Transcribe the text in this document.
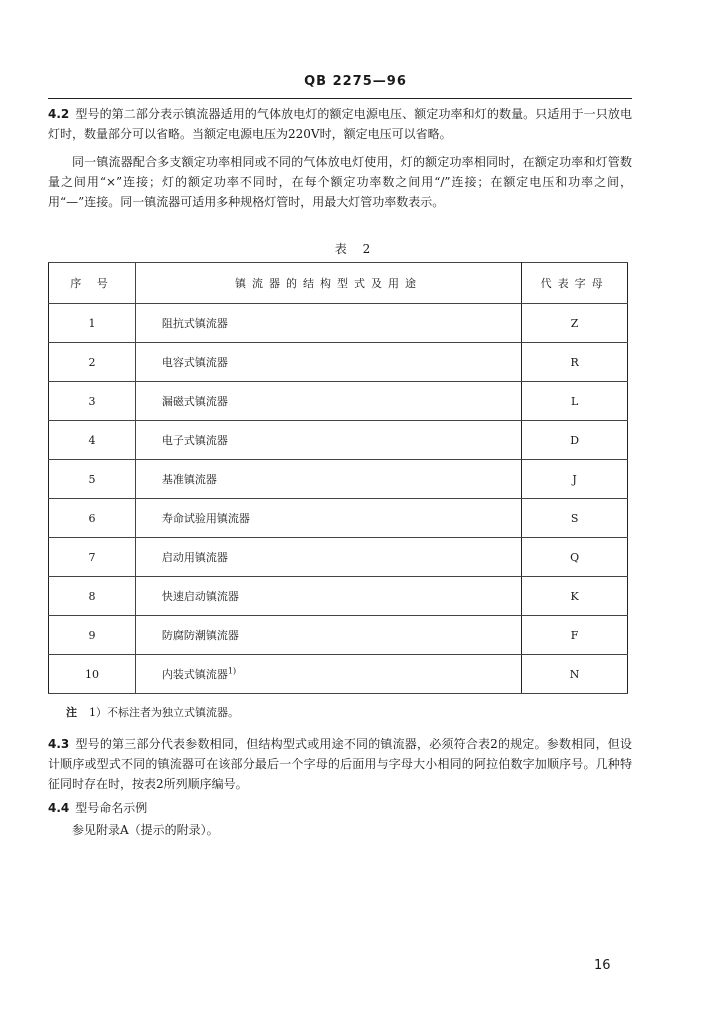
QB 2275—96

4.2 型号的第二部分表示镇流器适用的气体放电灯的额定电源电压、额定功率和灯的数量。只适用于一只放电灯时，数量部分可以省略。当额定电源电压为220V时，额定电压可以省略。

同一镇流器配合多支额定功率相同或不同的气体放电灯使用，灯的额定功率相同时，在额定功率和灯管数量之间用“×”连接；灯的额定功率不同时，在每个额定功率数之间用“/”连接；在额定电压和功率之间，用“—”连接。同一镇流器可适用多种规格灯管时，用最大灯管功率数表示。

表 2
序 号	镇流器的结构型式及用途	代表字母
1	阻抗式镇流器	Z
2	电容式镇流器	R
3	漏磁式镇流器	L
4	电子式镇流器	D
5	基准镇流器	J
6	寿命试验用镇流器	S
7	启动用镇流器	Q
8	快速启动镇流器	K
9	防腐防潮镇流器	F
10	内装式镇流器$^{1)}$	N
注 1）不标注者为独立式镇流器。

4.3 型号的第三部分代表参数相同，但结构型式或用途不同的镇流器，必须符合表2的规定。参数相同，但设计顺序或型式不同的镇流器可在该部分最后一个字母的后面用与字母大小相同的阿拉伯数字加顺序号。几种特征同时存在时，按表2所列顺序编号。

4.4 型号命名示例

参见附录A（提示的附录）。

16
